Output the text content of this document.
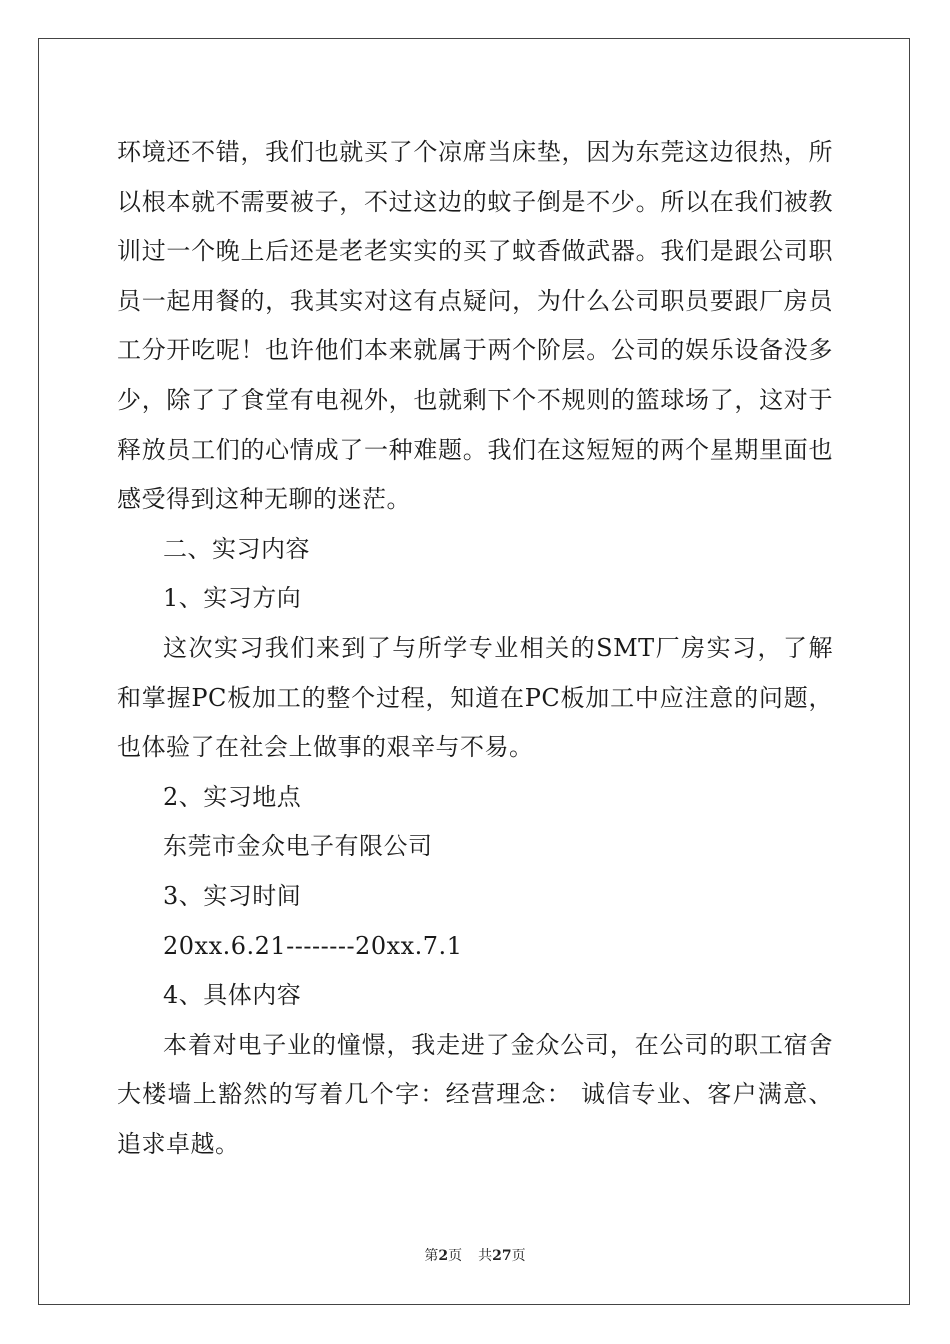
环境还不错，我们也就买了个凉席当床垫，因为东莞这边很热，所以根本就不需要被子，不过这边的蚊子倒是不少。所以在我们被教训过一个晚上后还是老老实实的买了蚊香做武器。我们是跟公司职员一起用餐的，我其实对这有点疑问，为什么公司职员要跟厂房员工分开吃呢！也许他们本来就属于两个阶层。公司的娱乐设备没多少，除了了食堂有电视外，也就剩下个不规则的篮球场了，这对于释放员工们的心情成了一种难题。我们在这短短的两个星期里面也感受得到这种无聊的迷茫。

二、实习内容

1、实习方向

这次实习我们来到了与所学专业相关的SMT厂房实习，了解和掌握PC板加工的整个过程，知道在PC板加工中应注意的问题，也体验了在社会上做事的艰辛与不易。

2、实习地点

东莞市金众电子有限公司

3、实习时间

20xx.6.21--------20xx.7.1

4、具体内容

本着对电子业的憧憬，我走进了金众公司，在公司的职工宿舍大楼墙上豁然的写着几个字：经营理念： 诚信专业、客户满意、追求卓越。

第2页 共27页
